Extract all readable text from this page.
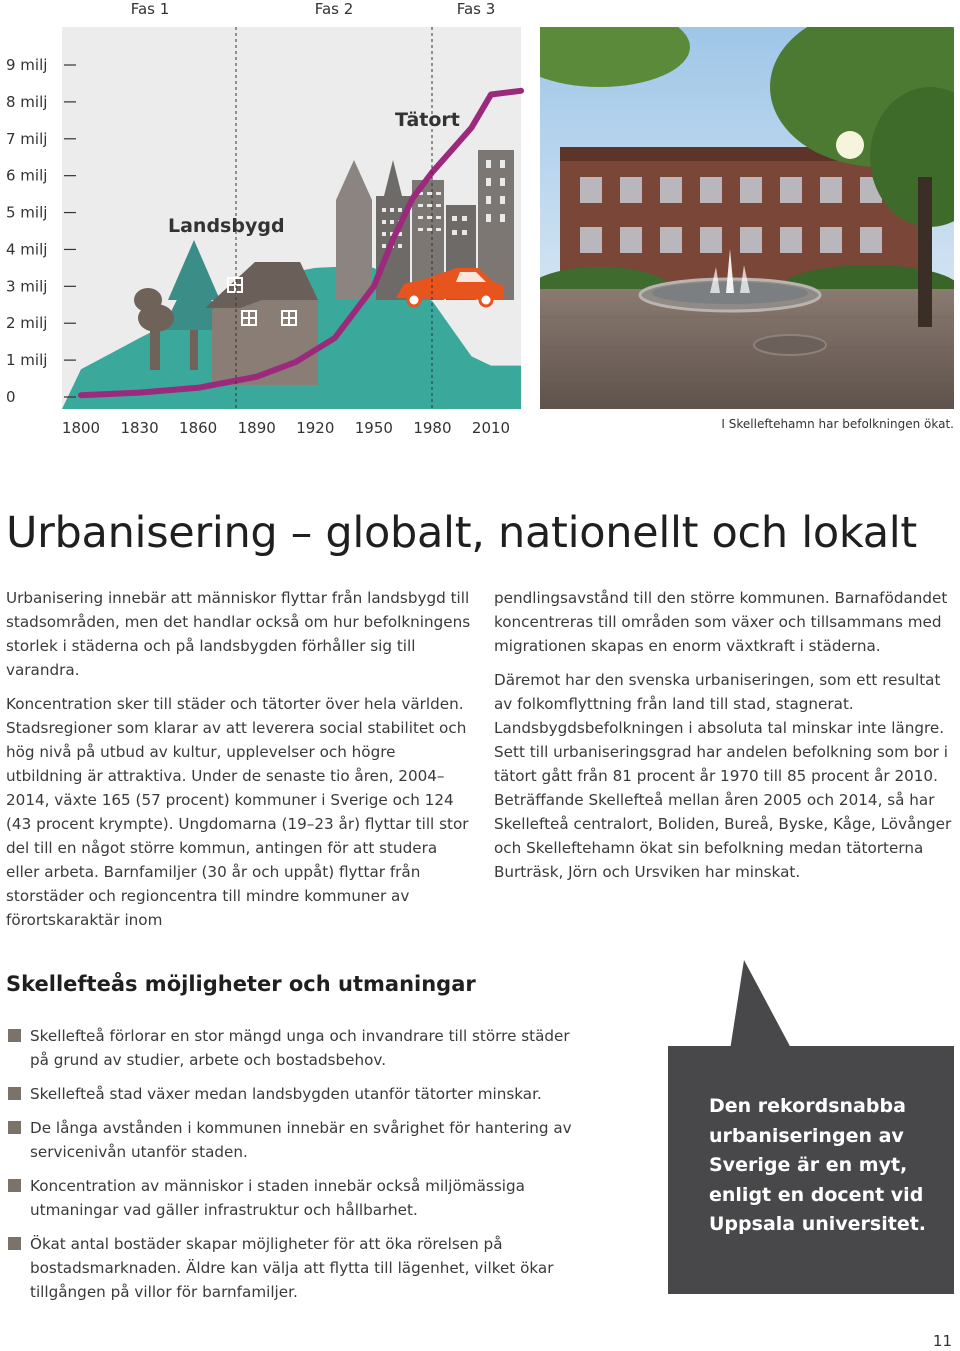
Landsbygd
Tätort
Fas 1	Fas 2	Fas 3
0
1 milj
2 milj
3 milj
4 milj
5 milj
6 milj
7 milj
8 milj
9 milj
1800 1830 1860 1890 1920 1950 1980 2010	I Skelleftehamn har befolkningen ökat.
Urbanisering – globalt, nationellt och lokalt

Urbanisering innebär att människor flyttar från landsbygd till stadsområden, men det handlar också om hur befolkningens storlek i städerna och på landsbygden förhåller sig till varandra.

Koncentration sker till städer och tätorter över hela världen. Stadsregioner som klarar av att leverera social stabilitet och hög nivå på utbud av kultur, upplevelser och högre utbildning är attraktiva. Under de senaste tio åren, 2004–2014, växte 165 (57 procent) kommuner i Sverige och 124 (43 procent krympte). Ungdomarna (19–23 år) flyttar till stor del till en något större kommun, antingen för att studera eller arbeta. Barnfamiljer (30 år och uppåt) flyttar från storstäder och regioncentra till mindre kommuner av förortskaraktär inom

pendlingsavstånd till den större kommunen. Barnafödandet koncentreras till områden som växer och tillsammans med migrationen skapas en enorm växtkraft i städerna.

Däremot har den svenska urbaniseringen, som ett resultat av folkomflyttning från land till stad, stagnerat. Landsbygdsbefolkningen i absoluta tal minskar inte längre. Sett till urbaniseringsgrad har andelen befolkning som bor i tätort gått från 81 procent år 1970 till 85 procent år 2010. Beträffande Skellefteå mellan åren 2005 och 2014, så har Skellefteå centralort, Boliden, Bureå, Byske, Kåge, Lövånger och Skelleftehamn ökat sin befolkning medan tätorterna Burträsk, Jörn och Ursviken har minskat.

Skellefteås möjligheter och utmaningar
Skellefteå förlorar en stor mängd unga och invandrare till större städer på grund av studier, arbete och bostadsbehov.
Skellefteå stad växer medan landsbygden utanför tätorter minskar.
De långa avstånden i kommunen innebär en svårighet för hantering av servicenivån utanför staden.
Koncentration av människor i staden innebär också miljömässiga utmaningar vad gäller infrastruktur och hållbarhet.
Ökat antal bostäder skapar möjligheter för att öka rörelsen på bostadsmarknaden. Äldre kan välja att flytta till lägenhet, vilket ökar tillgången på villor för barnfamiljer.
Den rekordsnabba urbaniseringen av Sverige är en myt, enligt en docent vid Uppsala universitet.
11
